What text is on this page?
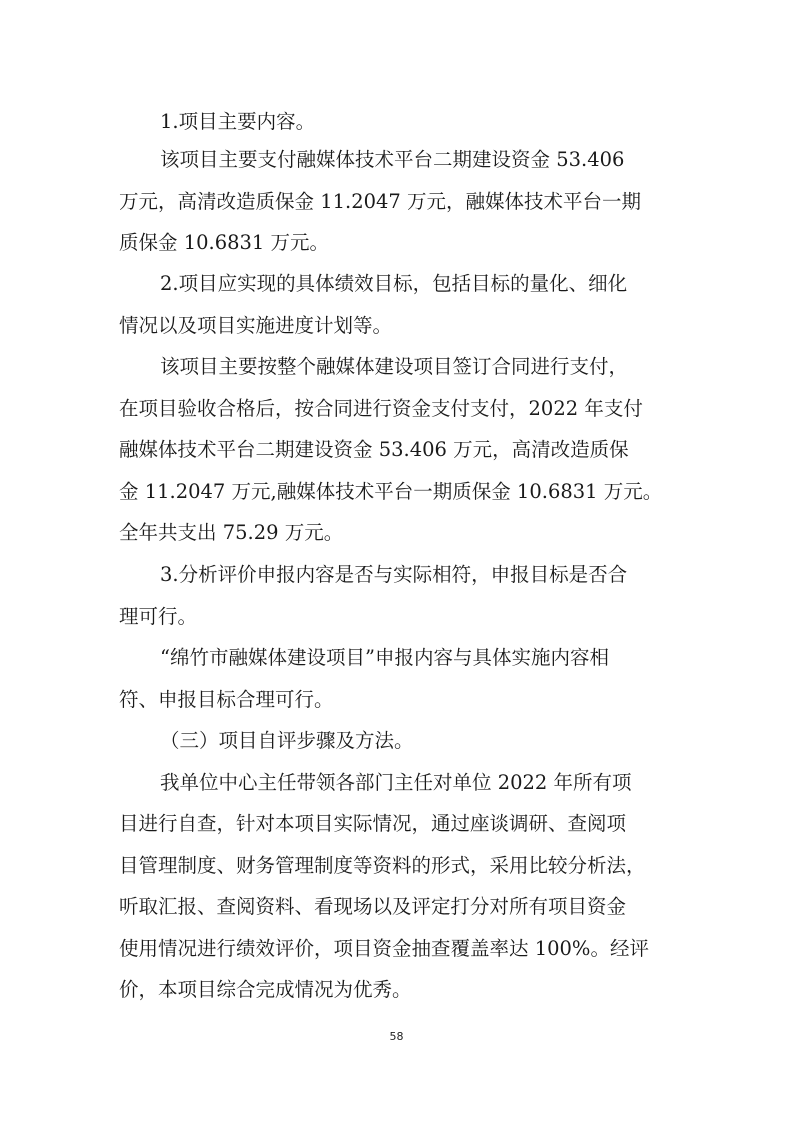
1.项目主要内容。

该项目主要支付融媒体技术平台二期建设资金 53.406

万元，高清改造质保金 11.2047 万元，融媒体技术平台一期

质保金 10.6831 万元。

2.项目应实现的具体绩效目标，包括目标的量化、细化

情况以及项目实施进度计划等。

该项目主要按整个融媒体建设项目签订合同进行支付，

在项目验收合格后，按合同进行资金支付支付，2022 年支付

融媒体技术平台二期建设资金 53.406 万元，高清改造质保

金 11.2047 万元,融媒体技术平台一期质保金 10.6831 万元。

全年共支出 75.29 万元。

3.分析评价申报内容是否与实际相符，申报目标是否合

理可行。

“绵竹市融媒体建设项目”申报内容与具体实施内容相

符、申报目标合理可行。

（三）项目自评步骤及方法。

我单位中心主任带领各部门主任对单位 2022 年所有项

目进行自查，针对本项目实际情况，通过座谈调研、查阅项

目管理制度、财务管理制度等资料的形式，采用比较分析法，

听取汇报、查阅资料、看现场以及评定打分对所有项目资金

使用情况进行绩效评价，项目资金抽查覆盖率达 100%。经评

价，本项目综合完成情况为优秀。

58
